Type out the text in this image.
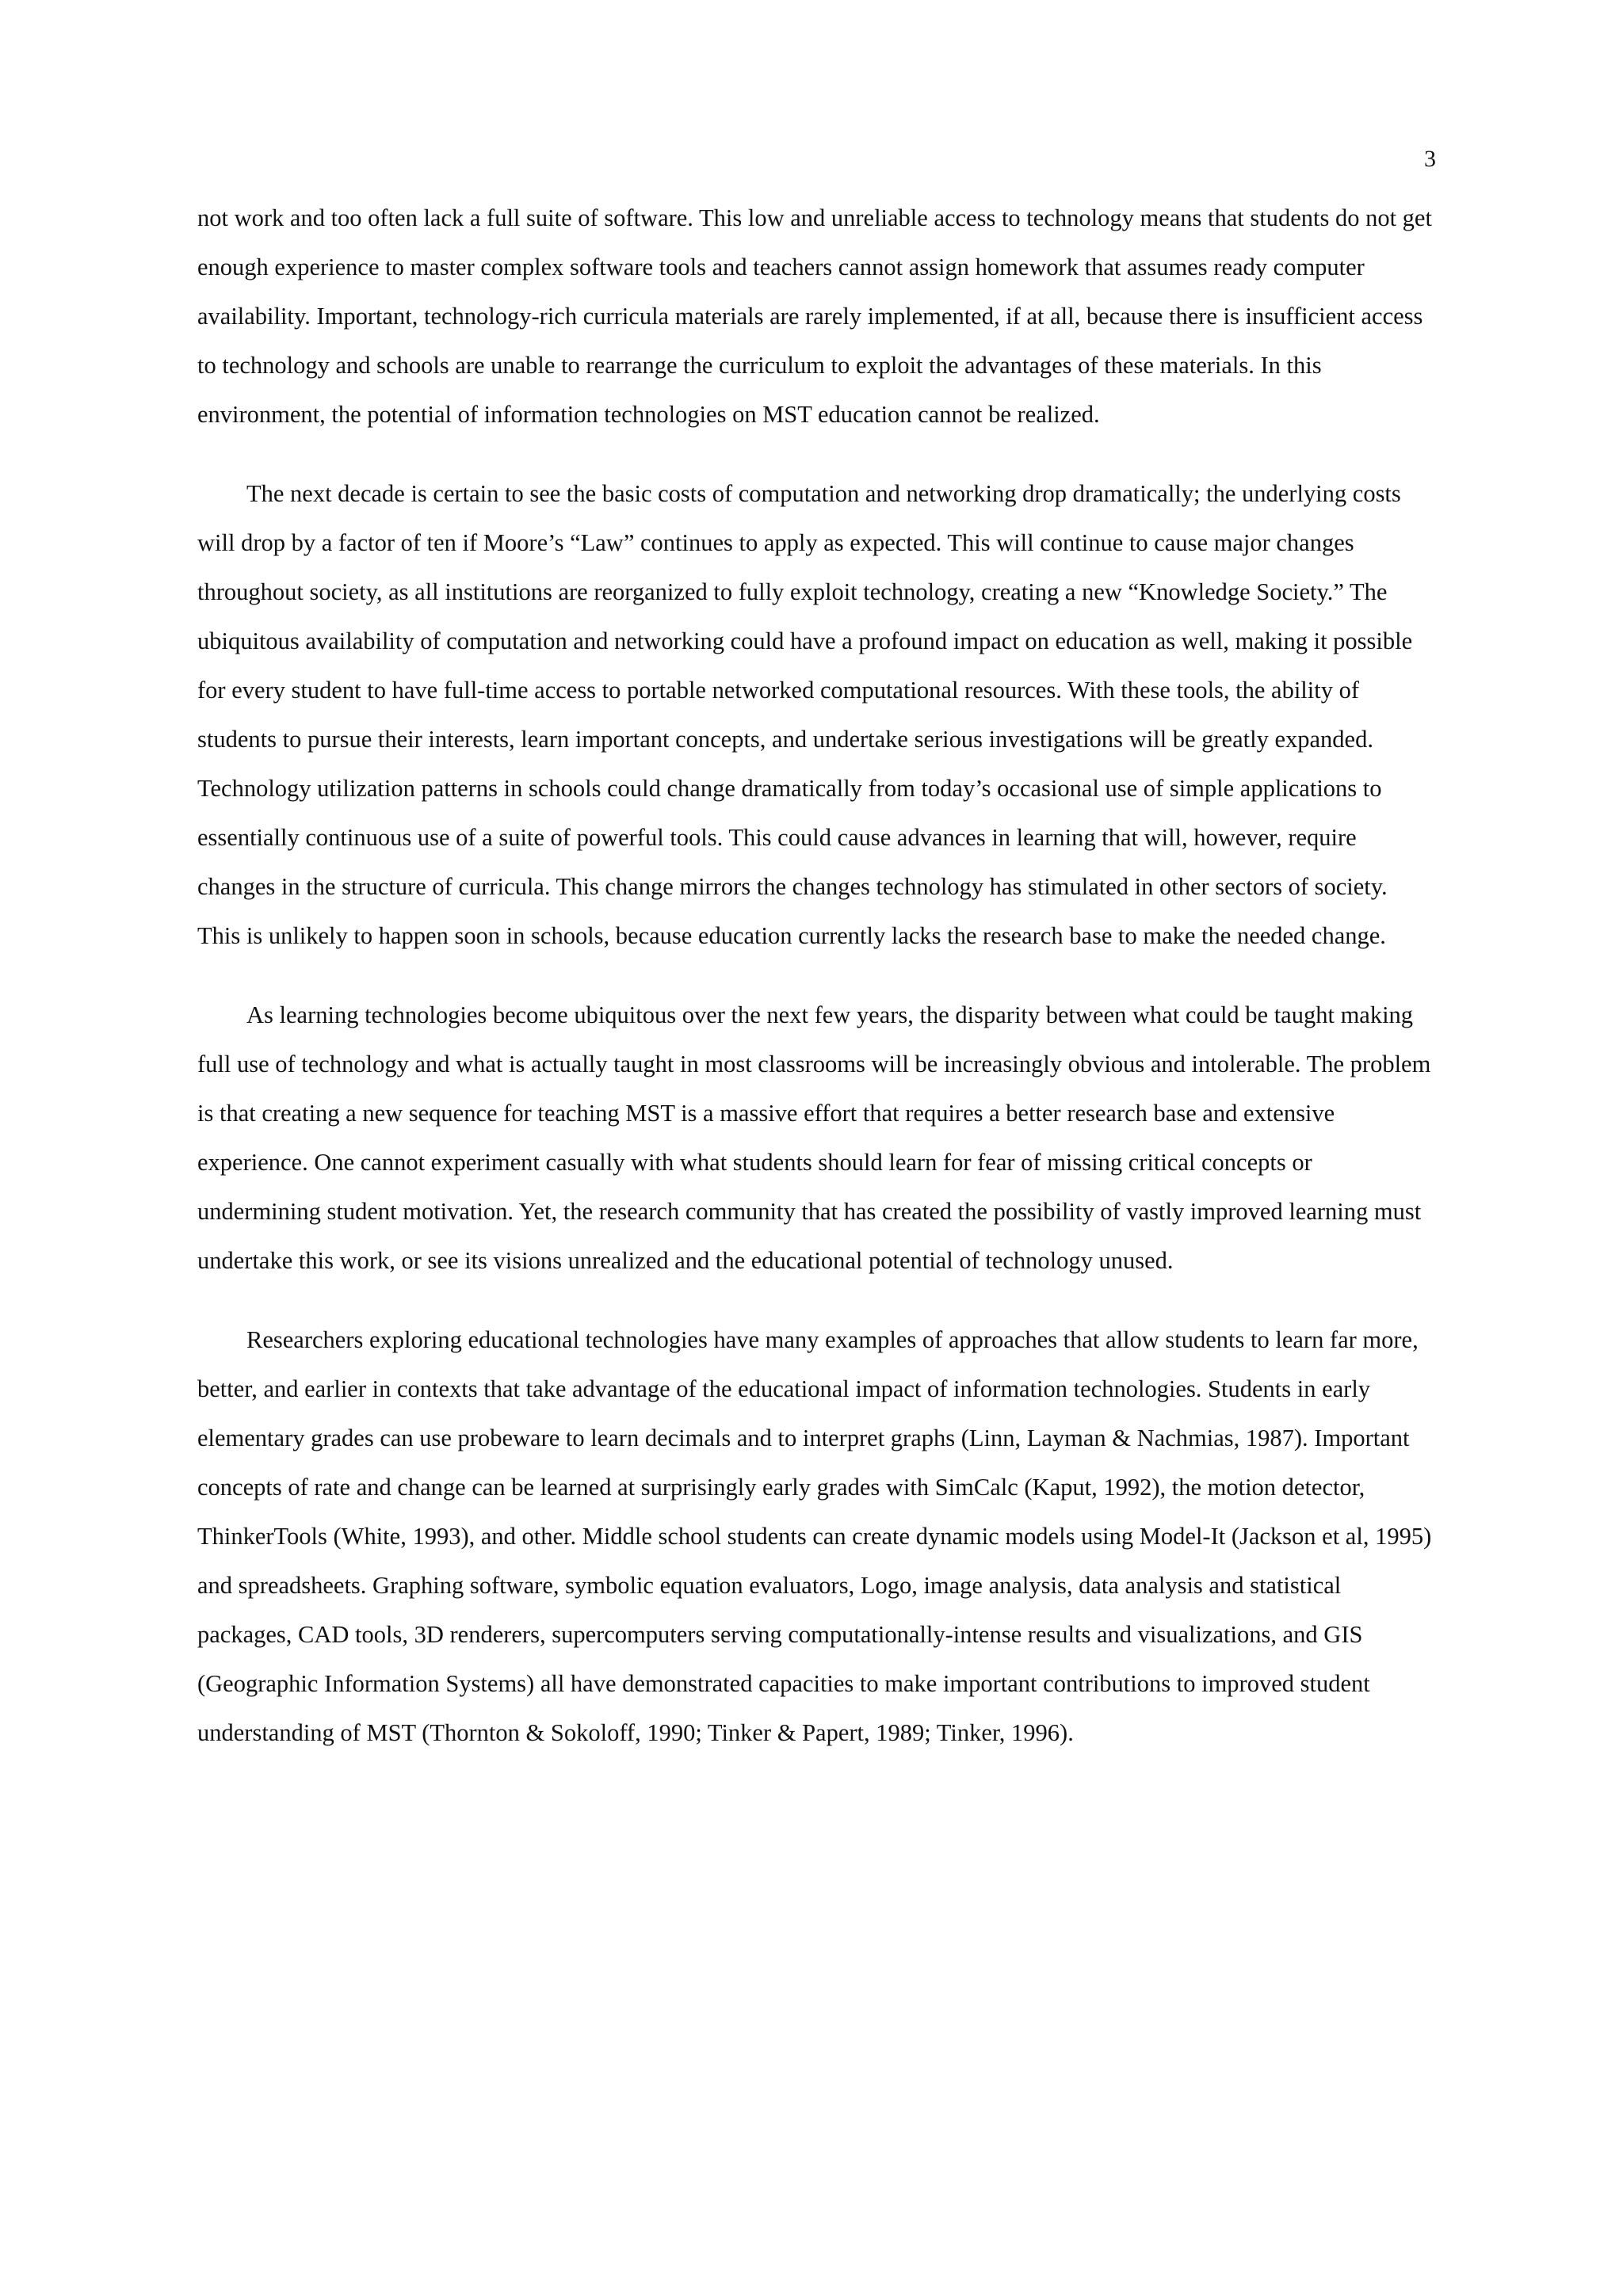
3

not work and too often lack a full suite of software. This low and unreliable access to technology means that students do not get enough experience to master complex software tools and teachers cannot assign homework that assumes ready computer availability. Important, technology-rich curricula materials are rarely implemented, if at all, because there is insufficient access to technology and schools are unable to rearrange the curriculum to exploit the advantages of these materials. In this environment, the potential of information technologies on MST education cannot be realized.

The next decade is certain to see the basic costs of computation and networking drop dramatically; the underlying costs will drop by a factor of ten if Moore’s “Law” continues to apply as expected. This will continue to cause major changes throughout society, as all institutions are reorganized to fully exploit technology, creating a new “Knowledge Society.” The ubiquitous availability of computation and networking could have a profound impact on education as well, making it possible for every student to have full-time access to portable networked computational resources. With these tools, the ability of students to pursue their interests, learn important concepts, and undertake serious investigations will be greatly expanded. Technology utilization patterns in schools could change dramatically from today’s occasional use of simple applications to essentially continuous use of a suite of powerful tools. This could cause advances in learning that will, however, require changes in the structure of curricula. This change mirrors the changes technology has stimulated in other sectors of society. This is unlikely to happen soon in schools, because education currently lacks the research base to make the needed change.

As learning technologies become ubiquitous over the next few years, the disparity between what could be taught making full use of technology and what is actually taught in most classrooms will be increasingly obvious and intolerable. The problem is that creating a new sequence for teaching MST is a massive effort that requires a better research base and extensive experience. One cannot experiment casually with what students should learn for fear of missing critical concepts or undermining student motivation. Yet, the research community that has created the possibility of vastly improved learning must undertake this work, or see its visions unrealized and the educational potential of technology unused.

Researchers exploring educational technologies have many examples of approaches that allow students to learn far more, better, and earlier in contexts that take advantage of the educational impact of information technologies. Students in early elementary grades can use probeware to learn decimals and to interpret graphs (Linn, Layman & Nachmias, 1987). Important concepts of rate and change can be learned at surprisingly early grades with SimCalc (Kaput, 1992), the motion detector, ThinkerTools (White, 1993), and other. Middle school students can create dynamic models using Model-It (Jackson et al, 1995) and spreadsheets. Graphing software, symbolic equation evaluators, Logo, image analysis, data analysis and statistical packages, CAD tools, 3D renderers, supercomputers serving computationally-intense results and visualizations, and GIS (Geographic Information Systems) all have demonstrated capacities to make important contributions to improved student understanding of MST (Thornton & Sokoloff, 1990; Tinker & Papert, 1989; Tinker, 1996).
